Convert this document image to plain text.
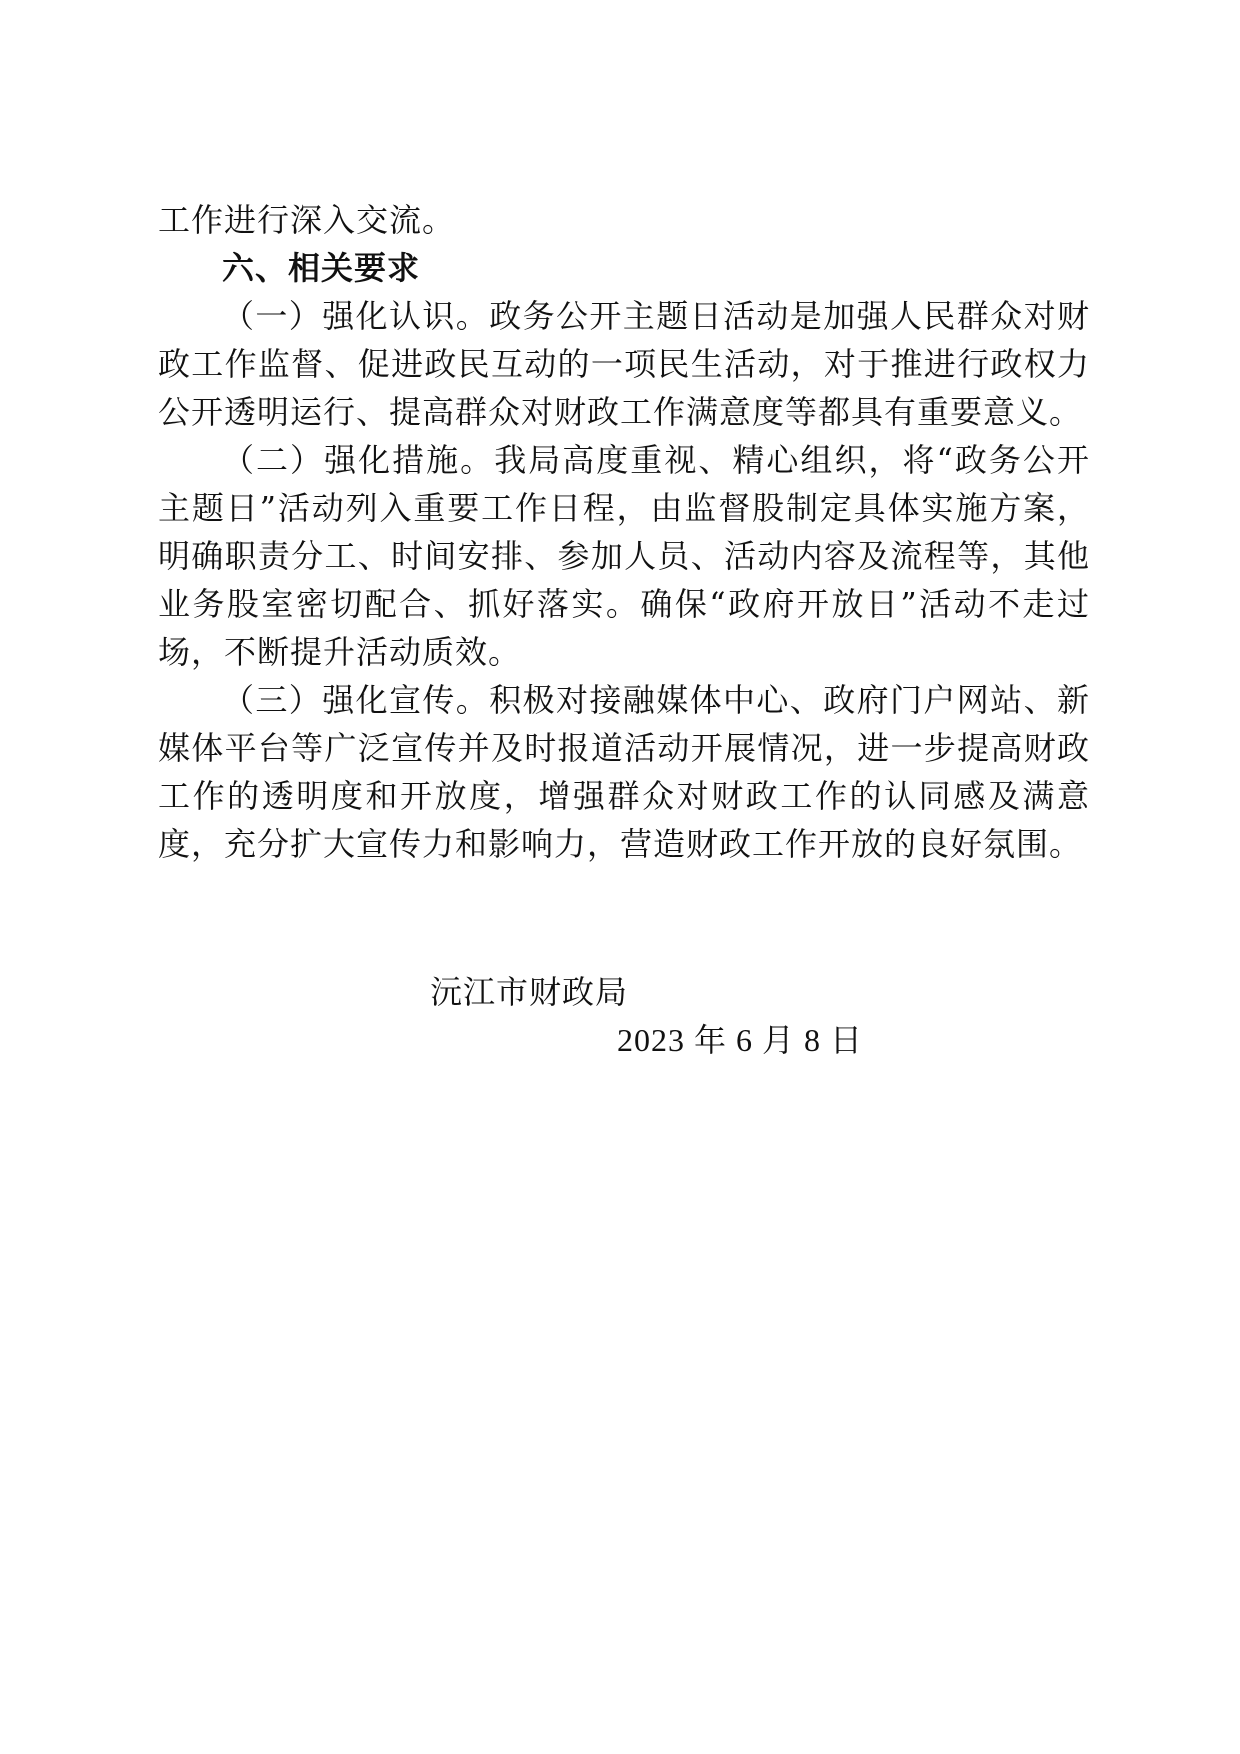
工作进行深入交流。

六、相关要求

（一）强化认识。政务公开主题日活动是加强人民群众对财政工作监督、促进政民互动的一项民生活动，对于推进行政权力公开透明运行、提高群众对财政工作满意度等都具有重要意义。

（二）强化措施。我局高度重视、精心组织，将“政务公开主题日”活动列入重要工作日程，由监督股制定具体实施方案，明确职责分工、时间安排、参加人员、活动内容及流程等，其他业务股室密切配合、抓好落实。确保“政府开放日”活动不走过场，不断提升活动质效。

（三）强化宣传。积极对接融媒体中心、政府门户网站、新媒体平台等广泛宣传并及时报道活动开展情况，进一步提高财政工作的透明度和开放度，增强群众对财政工作的认同感及满意度，充分扩大宣传力和影响力，营造财政工作开放的良好氛围。

沅江市财政局
2023 年 6 月 8 日
